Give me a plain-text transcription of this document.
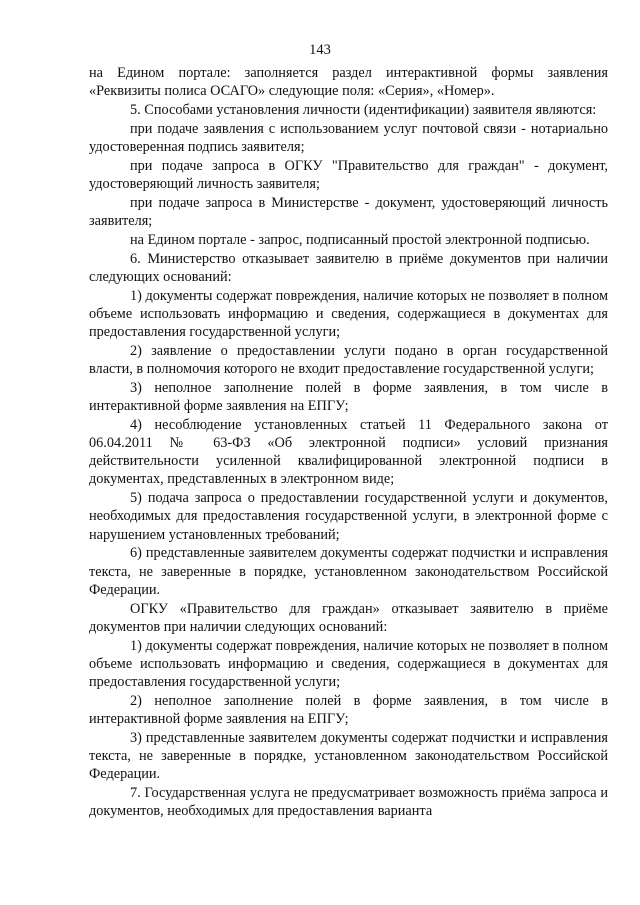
143

на Едином портале: заполняется раздел интерактивной формы заявления «Реквизиты полиса ОСАГО» следующие поля: «Серия», «Номер».

5. Способами установления личности (идентификации) заявителя являются:

при подаче заявления с использованием услуг почтовой связи - нотариально удостоверенная подпись заявителя;

при подаче запроса в ОГКУ "Правительство для граждан" - документ, удостоверяющий личность заявителя;

при подаче запроса в Министерстве - документ, удостоверяющий личность заявителя;

на Едином портале - запрос, подписанный простой электронной подписью.

6. Министерство отказывает заявителю в приёме документов при наличии следующих оснований:

1) документы содержат повреждения, наличие которых не позволяет в полном объеме использовать информацию и сведения, содержащиеся в документах для предоставления государственной услуги;

2) заявление о предоставлении услуги подано в орган государственной власти, в полномочия которого не входит предоставление государственной услуги;

3) неполное заполнение полей в форме заявления, в том числе в интерактивной форме заявления на ЕПГУ;

4) несоблюдение установленных статьей 11 Федерального закона от 06.04.2011 № 63-ФЗ «Об электронной подписи» условий признания действительности усиленной квалифицированной электронной подписи в документах, представленных в электронном виде;

5) подача запроса о предоставлении государственной услуги и документов, необходимых для предоставления государственной услуги, в электронной форме с нарушением установленных требований;

6) представленные заявителем документы содержат подчистки и исправления текста, не заверенные в порядке, установленном законодательством Российской Федерации.

ОГКУ «Правительство для граждан» отказывает заявителю в приёме документов при наличии следующих оснований:

1) документы содержат повреждения, наличие которых не позволяет в полном объеме использовать информацию и сведения, содержащиеся в документах для предоставления государственной услуги;

2) неполное заполнение полей в форме заявления, в том числе в интерактивной форме заявления на ЕПГУ;

3) представленные заявителем документы содержат подчистки и исправления текста, не заверенные в порядке, установленном законодательством Российской Федерации.

7. Государственная услуга не предусматривает возможность приёма запроса и документов, необходимых для предоставления варианта
